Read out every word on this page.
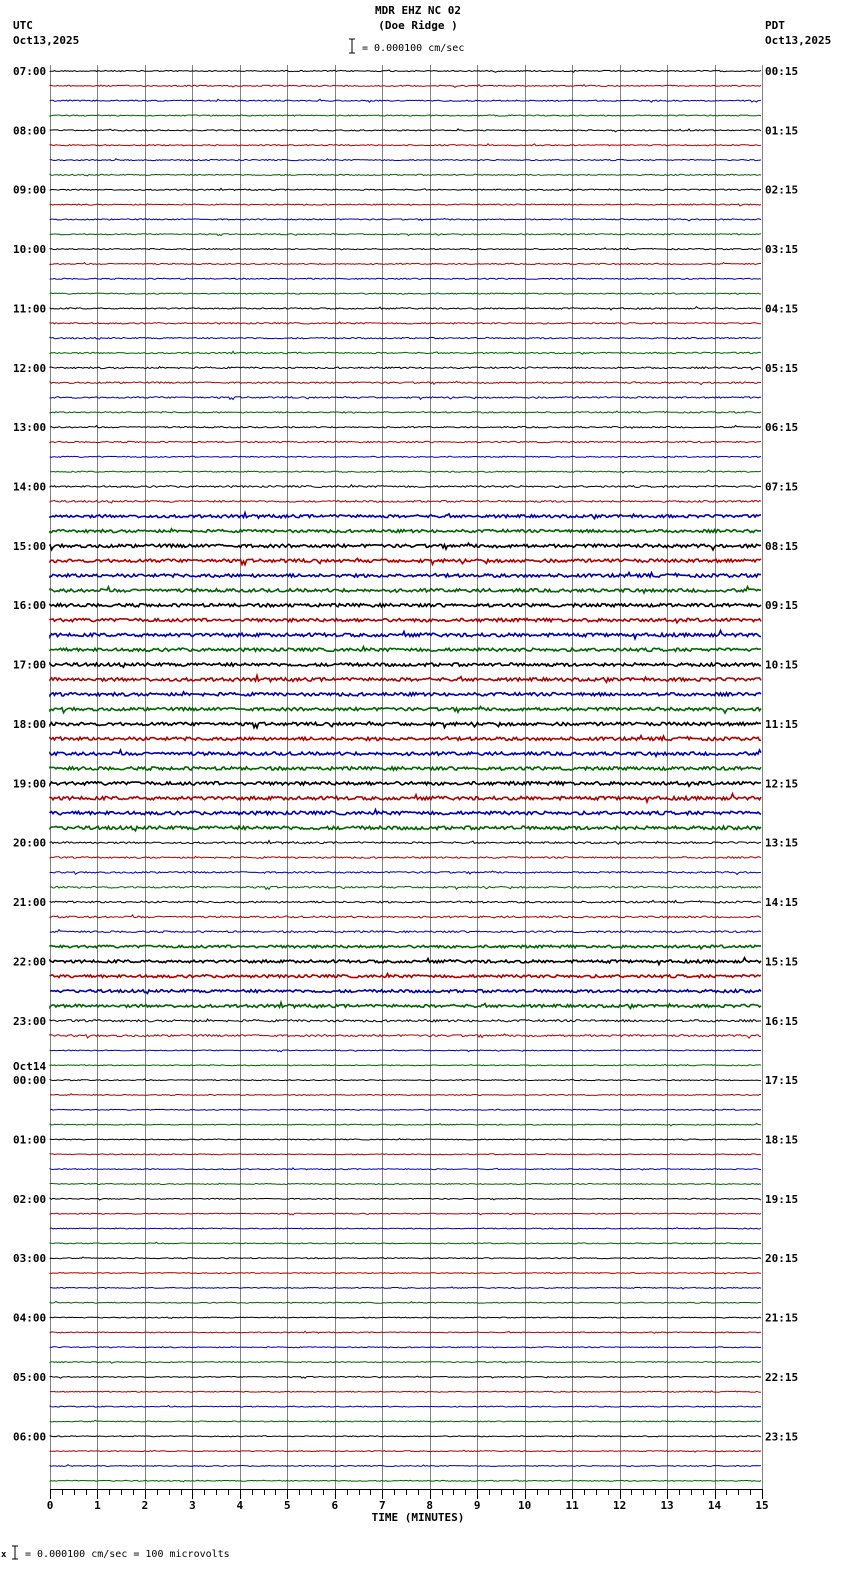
MDR EHZ NC 02
(Doe Ridge )
= 0.000100 cm/sec
UTC
Oct13,2025
PDT
Oct13,2025
x = 0.000100 cm/sec = 100 microvolts
07:00
08:00
09:00
10:00
11:00
12:00
13:00
14:00
15:00
16:00
17:00
18:00
19:00
20:00
21:00
22:00
23:00
00:00
Oct14
01:00
02:00
03:00
04:00
05:00
06:00
00:15
01:15
02:15
03:15
04:15
05:15
06:15
07:15
08:15
09:15
10:15
11:15
12:15
13:15
14:15
15:15
16:15
17:15
18:15
19:15
20:15
21:15
22:15
23:15
0	1	2	3	4	5	6	7	8	9	10	11	12	13	14	15
TIME (MINUTES)
